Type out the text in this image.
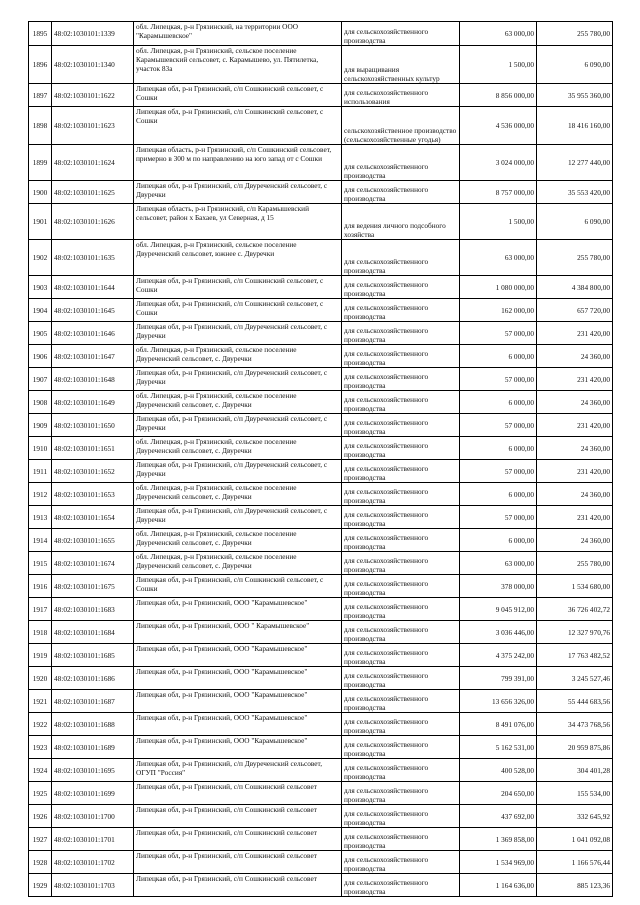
1895	48:02:1030101:1339	обл. Липецкая, р-н Грязинский, на территории ООО "Карамышевское"	для сельскохозяйственного производства	63 000,00	255 780,00
1896	48:02:1030101:1340	обл. Липецкая, р-н Грязинский, сельское поселение Карамышевский сельсовет, с. Карамышево, ул. Пятилетка, участок 83а	для выращивания сельскохозяйственных культур	1 500,00	6 090,00
1897	48:02:1030101:1622	Липецкая обл, р-н Грязинский, с/п Сошкинский сельсовет, с Сошки	для сельскохозяйственного использования	8 856 000,00	35 955 360,00
1898	48:02:1030101:1623	Липецкая обл, р-н Грязинский, с/п Сошкинский сельсовет, с Сошки	сельскохозяйственное производство (сельскохозяйственные угодья)	4 536 000,00	18 416 160,00
1899	48:02:1030101:1624	Липецкая область, р-н Грязинский, с/п Сошкинский сельсовет, примерно в 300 м по направлению на юго запад от с Сошки	для сельскохозяйственного производства	3 024 000,00	12 277 440,00
1900	48:02:1030101:1625	Липецкая обл, р-н Грязинский, с/п Двуреченский сельсовет, с Двуречки	для сельскохозяйственного производства	8 757 000,00	35 553 420,00
1901	48:02:1030101:1626	Липецкая область, р-н Грязинский, с/п Карамышевский сельсовет, район х Бахаев, ул Северная, д 15	для ведения личного подсобного хозяйства	1 500,00	6 090,00
1902	48:02:1030101:1635	обл. Липецкая, р-н Грязинский, сельское поселение Двуреченский сельсовет, южнее с. Двуречки	для сельскохозяйственного производства	63 000,00	255 780,00
1903	48:02:1030101:1644	Липецкая обл, р-н Грязинский, с/п Сошкинский сельсовет, с Сошки	для сельскохозяйственного производства	1 080 000,00	4 384 800,00
1904	48:02:1030101:1645	Липецкая обл, р-н Грязинский, с/п Сошкинский сельсовет, с Сошки	для сельскохозяйственного производства	162 000,00	657 720,00
1905	48:02:1030101:1646	Липецкая обл, р-н Грязинский, с/п Двуреченский сельсовет, с Двуречки	для сельскохозяйственного производства	57 000,00	231 420,00
1906	48:02:1030101:1647	обл. Липецкая, р-н Грязинский, сельское поселение Двуреченский сельсовет, с. Двуречки	для сельскохозяйственного производства	6 000,00	24 360,00
1907	48:02:1030101:1648	Липецкая обл, р-н Грязинский, с/п Двуреченский сельсовет, с Двуречки	для сельскохозяйственного производства	57 000,00	231 420,00
1908	48:02:1030101:1649	обл. Липецкая, р-н Грязинский, сельское поселение Двуреченский сельсовет, с. Двуречки	для сельскохозяйственного производства	6 000,00	24 360,00
1909	48:02:1030101:1650	Липецкая обл, р-н Грязинский, с/п Двуреченский сельсовет, с Двуречки	для сельскохозяйственного производства	57 000,00	231 420,00
1910	48:02:1030101:1651	обл. Липецкая, р-н Грязинский, сельское поселение Двуреченский сельсовет, с. Двуречки	для сельскохозяйственного производства	6 000,00	24 360,00
1911	48:02:1030101:1652	Липецкая обл, р-н Грязинский, с/п Двуреченский сельсовет, с Двуречки	для сельскохозяйственного производства	57 000,00	231 420,00
1912	48:02:1030101:1653	обл. Липецкая, р-н Грязинский, сельское поселение Двуреченский сельсовет, с. Двуречки	для сельскохозяйственного производства	6 000,00	24 360,00
1913	48:02:1030101:1654	Липецкая обл, р-н Грязинский, с/п Двуреченский сельсовет, с Двуречки	для сельскохозяйственного производства	57 000,00	231 420,00
1914	48:02:1030101:1655	обл. Липецкая, р-н Грязинский, сельское поселение Двуреченский сельсовет, с. Двуречки	для сельскохозяйственного производства	6 000,00	24 360,00
1915	48:02:1030101:1674	обл. Липецкая, р-н Грязинский, сельское поселение Двуреченский сельсовет, с. Двуречки	для сельскохозяйственного производства	63 000,00	255 780,00
1916	48:02:1030101:1675	Липецкая обл, р-н Грязинский, с/п Сошкинский сельсовет, с Сошки	для сельскохозяйственного производства	378 000,00	1 534 680,00
1917	48:02:1030101:1683	Липецкая обл, р-н Грязинский, ООО "Карамышевское"	для сельскохозяйственного производства	9 045 912,00	36 726 402,72
1918	48:02:1030101:1684	Липецкая обл, р-н Грязинский, ООО " Карамышевское"	для сельскохозяйственного производства	3 036 446,00	12 327 970,76
1919	48:02:1030101:1685	Липецкая обл, р-н Грязинский, ООО "Карамышевское"	для сельскохозяйственного производства	4 375 242,00	17 763 482,52
1920	48:02:1030101:1686	Липецкая обл, р-н Грязинский, ООО "Карамышевское"	для сельскохозяйственного производства	799 391,00	3 245 527,46
1921	48:02:1030101:1687	Липецкая обл, р-н Грязинский, ООО "Карамышевское"	для сельскохозяйственного производства	13 656 326,00	55 444 683,56
1922	48:02:1030101:1688	Липецкая обл, р-н Грязинский, ООО "Карамышевское"	для сельскохозяйственного производства	8 491 076,00	34 473 768,56
1923	48:02:1030101:1689	Липецкая обл, р-н Грязинский, ООО "Карамышевское"	для сельскохозяйственного производства	5 162 531,00	20 959 875,86
1924	48:02:1030101:1695	Липецкая обл, р-н Грязинский, с/п Двуреченский сельсовет, ОГУП "Россия"	для сельскохозяйственного производства	400 528,00	304 401,28
1925	48:02:1030101:1699	Липецкая обл, р-н Грязинский, с/п Сошкинский сельсовет	для сельскохозяйственного производства	204 650,00	155 534,00
1926	48:02:1030101:1700	Липецкая обл, р-н Грязинский, с/п Сошкинский сельсовет	для сельскохозяйственного производства	437 692,00	332 645,92
1927	48:02:1030101:1701	Липецкая обл, р-н Грязинский, с/п Сошкинский сельсовет	для сельскохозяйственного производства	1 369 858,00	1 041 092,08
1928	48:02:1030101:1702	Липецкая обл, р-н Грязинский, с/п Сошкинский сельсовет	для сельскохозяйственного производства	1 534 969,00	1 166 576,44
1929	48:02:1030101:1703	Липецкая обл, р-н Грязинский, с/п Сошкинский сельсовет	для сельскохозяйственного производства	1 164 636,00	885 123,36
